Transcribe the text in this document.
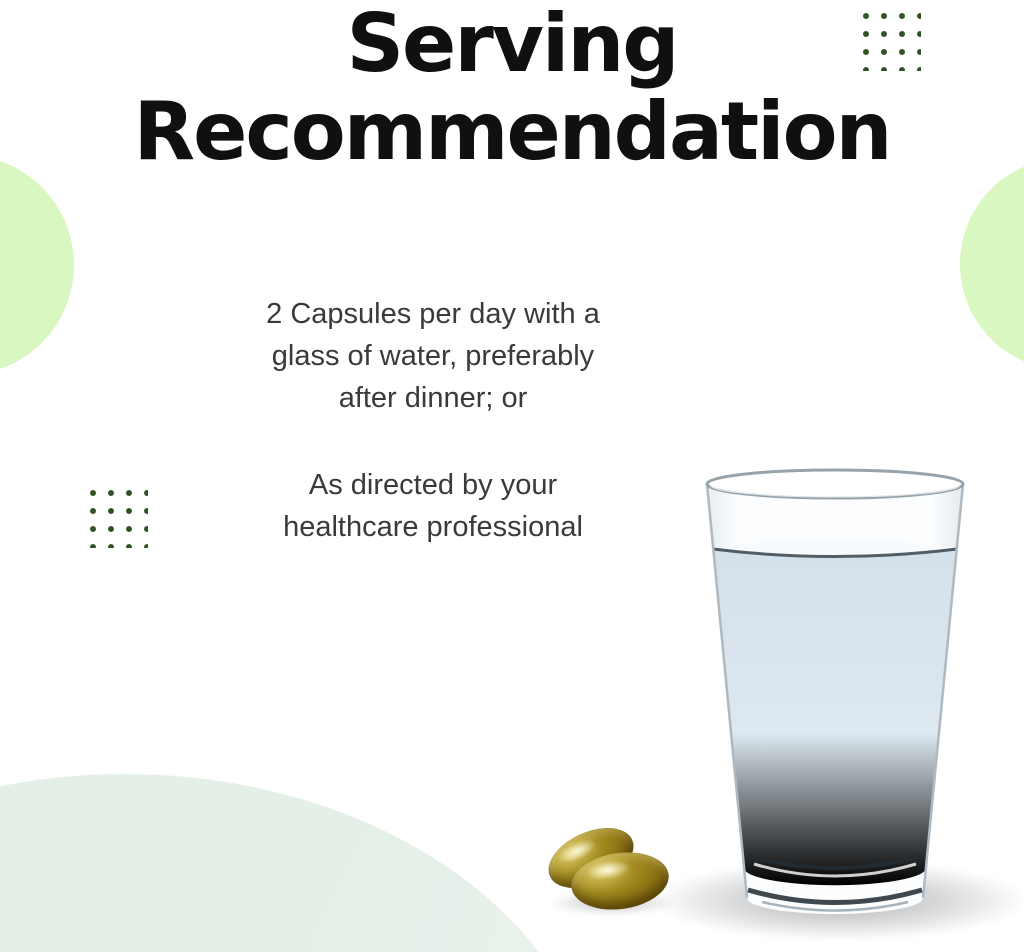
Serving
Recommendation
2 Capsules per day with a
glass of water, preferably
after dinner; or
As directed by your
healthcare professional
